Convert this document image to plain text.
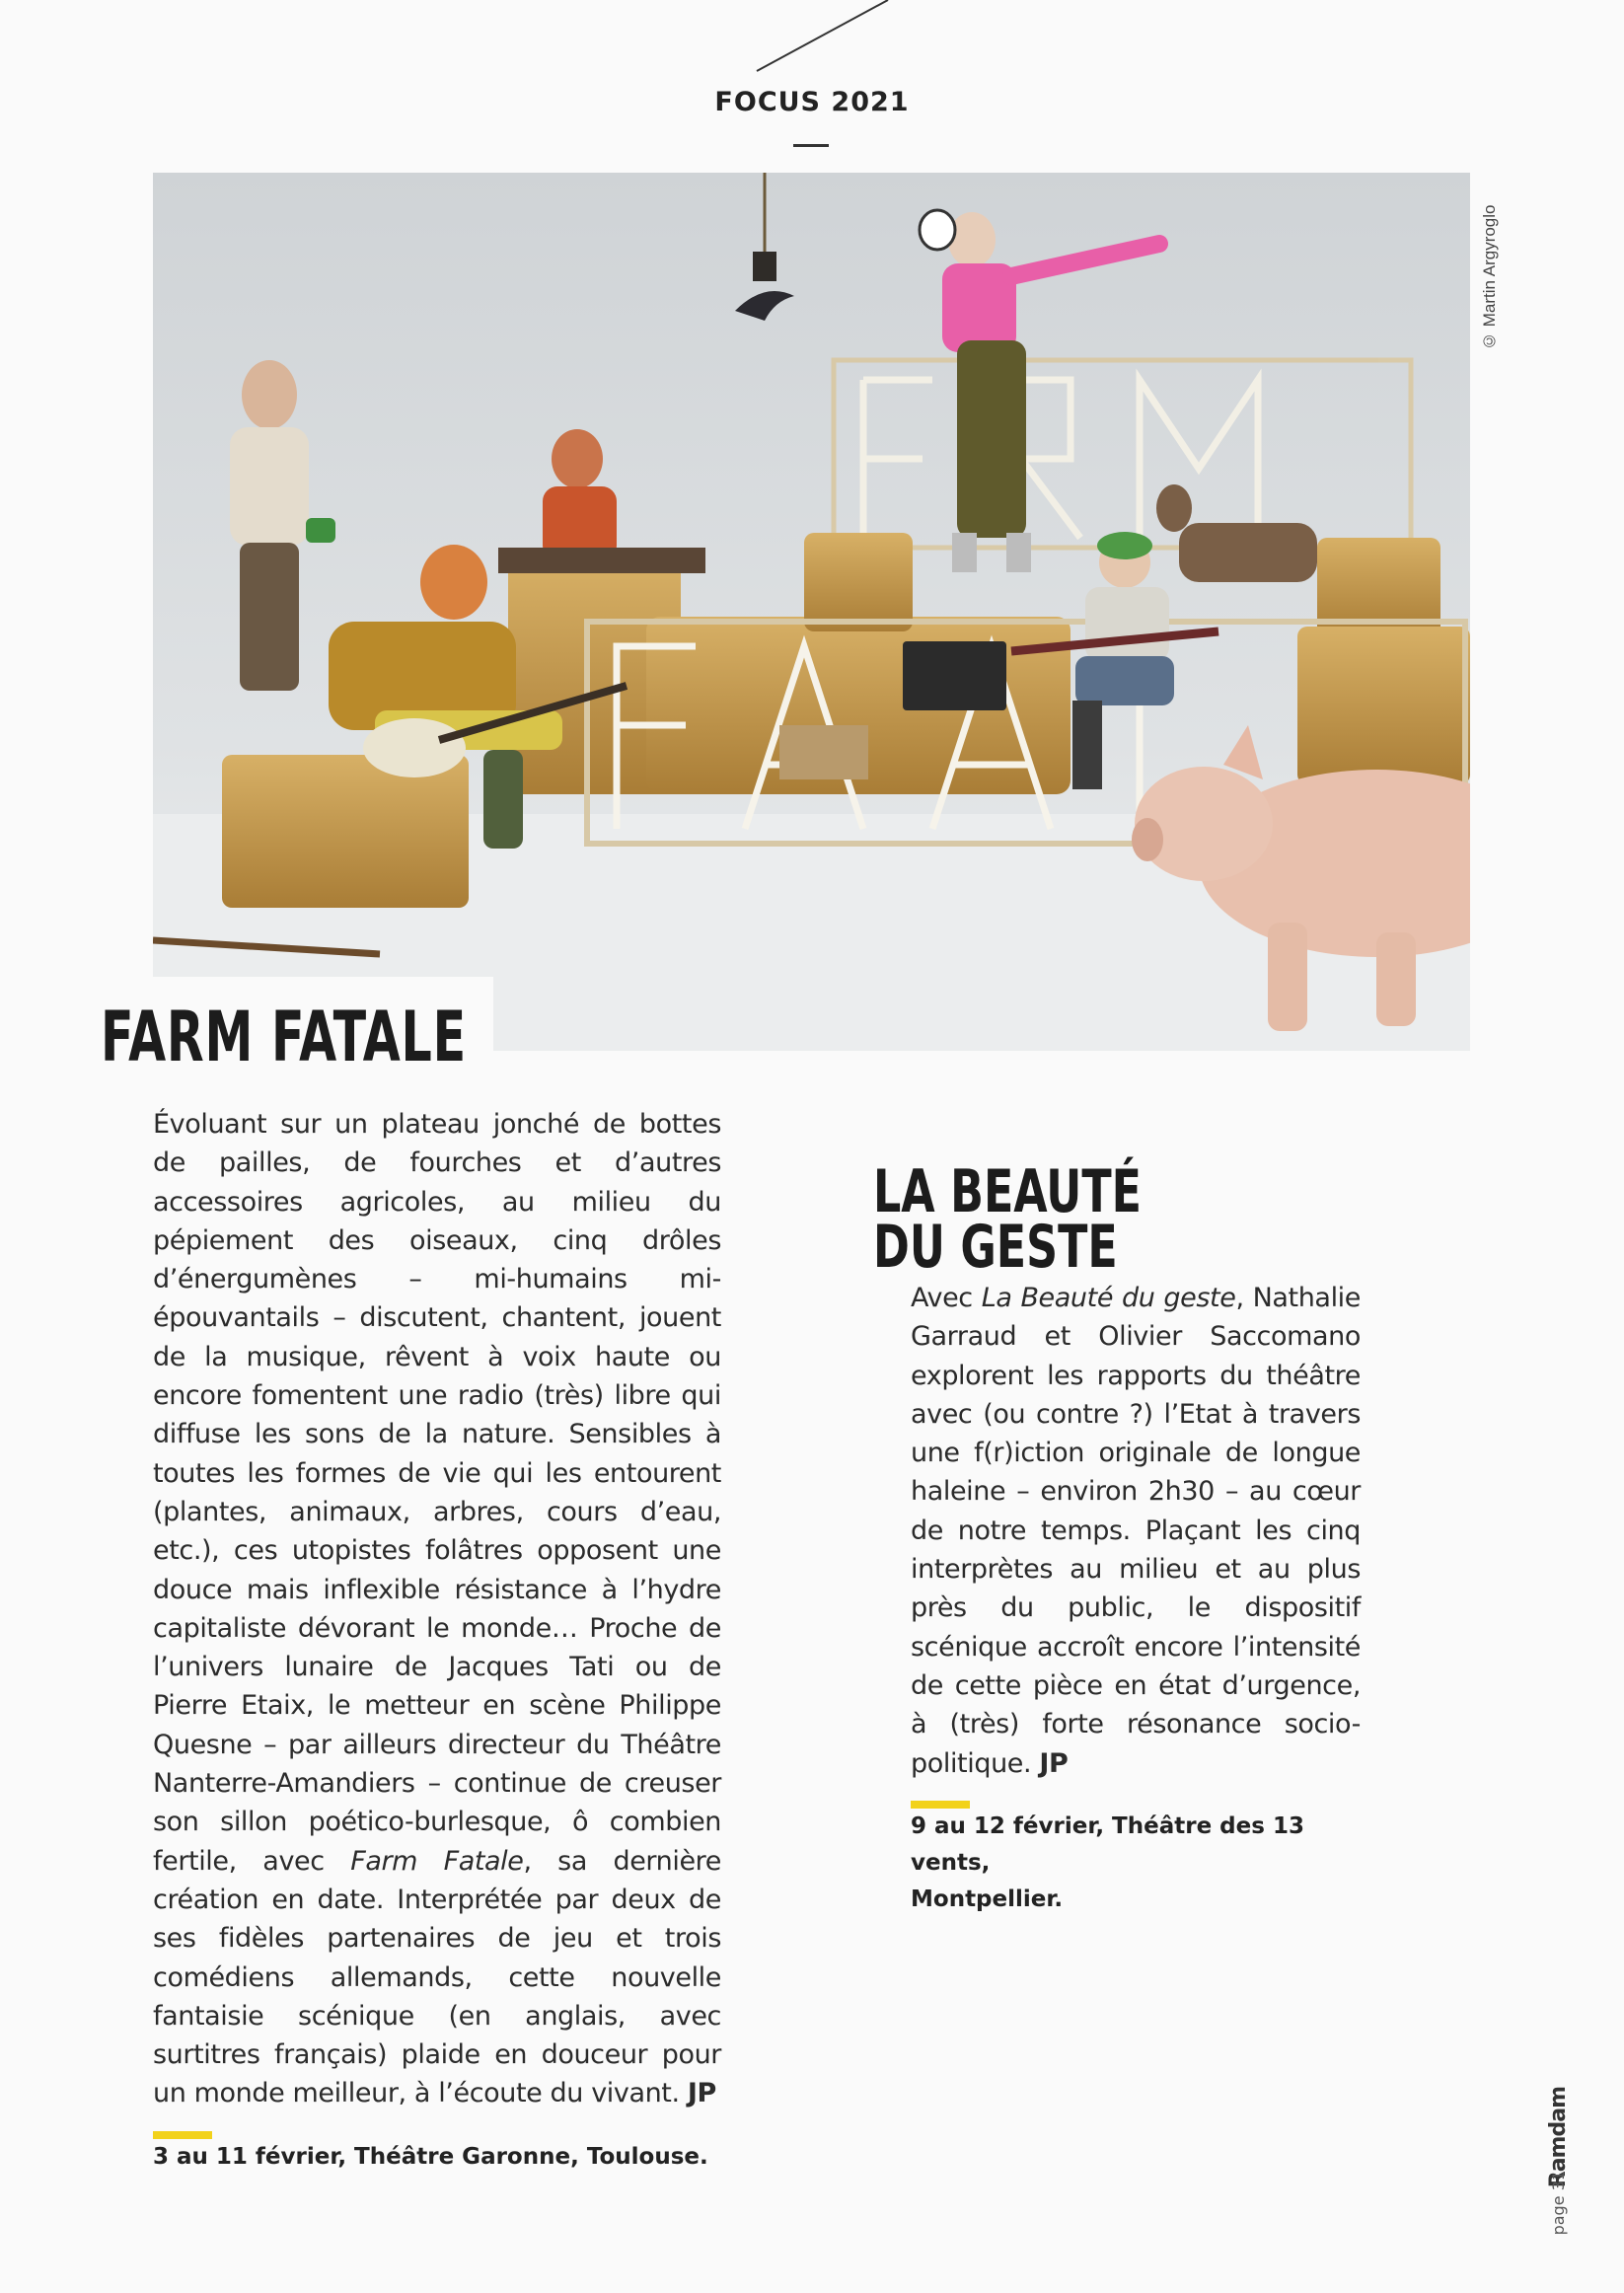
FOCUS 2021
© Martin Argyroglo
FARM FATALE

Évoluant sur un plateau jonché de bottes de pailles, de fourches et d’autres accessoires agricoles, au milieu du pépiement des oiseaux, cinq drôles d’énergumènes – mi-humains mi-épouvantails – discutent, chantent, jouent de la musique, rêvent à voix haute ou encore fomentent une radio (très) libre qui diffuse les sons de la nature. Sensibles à toutes les formes de vie qui les entourent (plantes, animaux, arbres, cours d’eau, etc.), ces utopistes folâtres opposent une douce mais inflexible résistance à l’hydre capitaliste dévorant le monde… Proche de l’univers lunaire de Jacques Tati ou de Pierre Etaix, le metteur en scène Philippe Quesne – par ailleurs directeur du Théâtre Nanterre-Amandiers – continue de creuser son sillon poético-burlesque, ô combien fertile, avec Farm Fatale, sa dernière création en date. Interprétée par deux de ses fidèles partenaires de jeu et trois comédiens allemands, cette nouvelle fantaisie scénique (en anglais, avec surtitres français) plaide en douceur pour un monde meilleur, à l’écoute du vivant. JP

3 au 11 février, Théâtre Garonne, Toulouse.

LA BEAUTÉ
DU GESTE

Avec La Beauté du geste, Nathalie Garraud et Olivier Saccomano explorent les rapports du théâtre avec (ou contre ?) l’Etat à travers une f(r)iction originale de longue haleine – environ 2h30 – au cœur de notre temps. Plaçant les cinq interprètes au milieu et au plus près du public, le dispositif scénique accroît encore l’intensité de cette pièce en état d’urgence, à (très) forte résonance socio-politique. JP

9 au 12 février, Théâtre des 13 vents,
Montpellier.

Ramdam
page 31
